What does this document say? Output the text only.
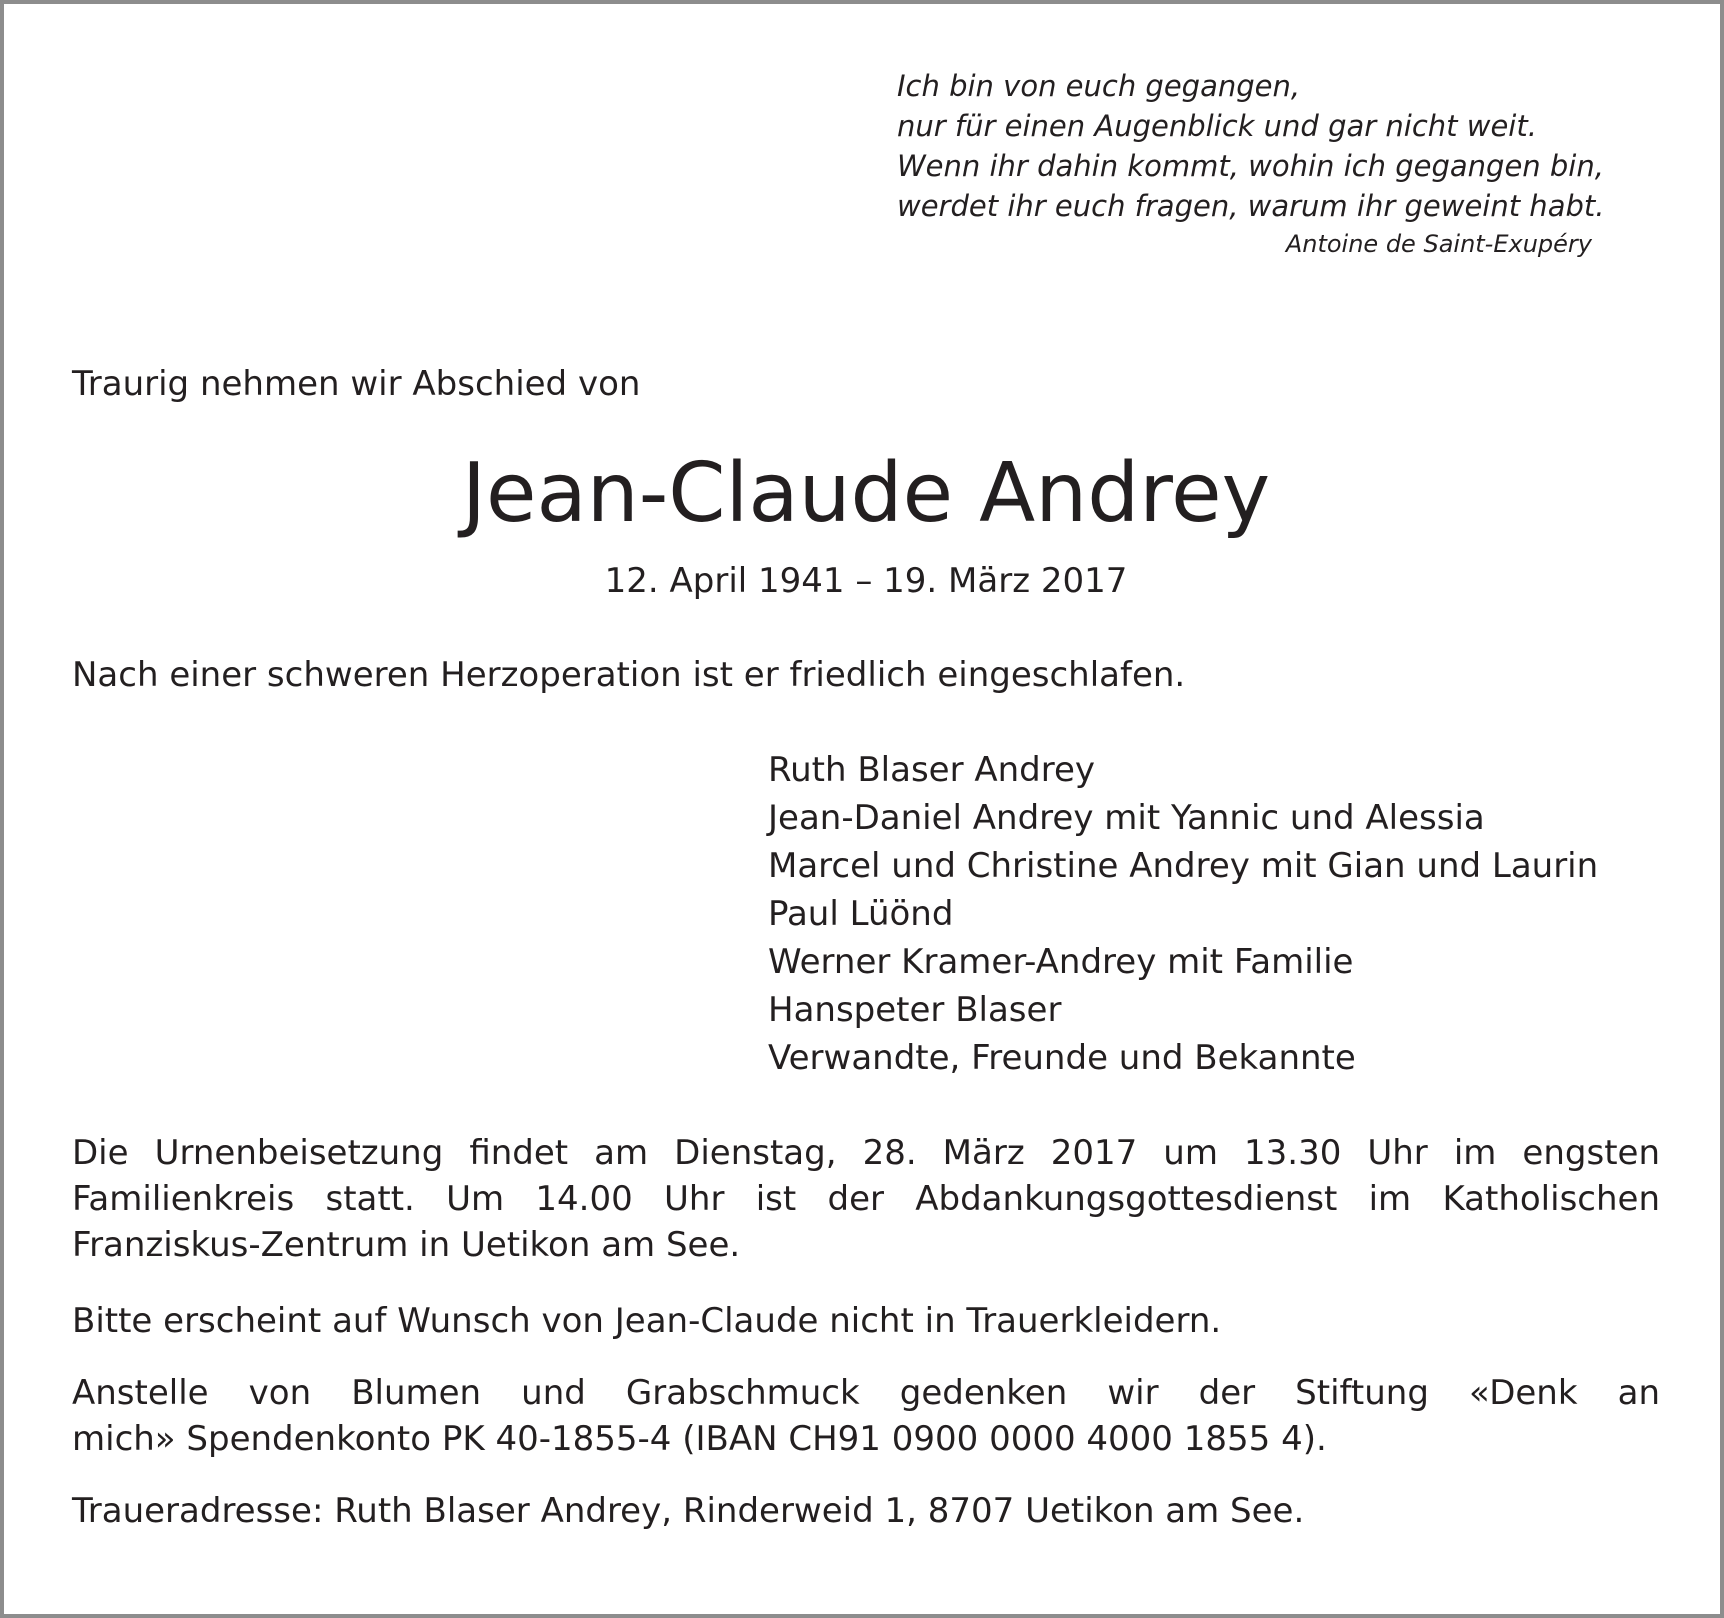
Ich bin von euch gegangen,
nur für einen Augenblick und gar nicht weit.
Wenn ihr dahin kommt, wohin ich gegangen bin,
werdet ihr euch fragen, warum ihr geweint habt.
Antoine de Saint-Exupéry
Traurig nehmen wir Abschied von
Jean-Claude Andrey
12. April 1941 – 19. März 2017
Nach einer schweren Herzoperation ist er friedlich eingeschlafen.
Ruth Blaser Andrey
Jean-Daniel Andrey mit Yannic und Alessia
Marcel und Christine Andrey mit Gian und Laurin
Paul Lüönd
Werner Kramer-Andrey mit Familie
Hanspeter Blaser
Verwandte, Freunde und Bekannte
Die Urnenbeisetzung findet am Dienstag, 28. März 2017 um 13.30 Uhr im engsten
Familienkreis statt. Um 14.00 Uhr ist der Abdankungsgottesdienst im Katholischen
Franziskus-Zentrum in Uetikon am See.
Bitte erscheint auf Wunsch von Jean-Claude nicht in Trauerkleidern.
Anstelle von Blumen und Grabschmuck gedenken wir der Stiftung «Denk an
mich» Spendenkonto PK 40-1855-4 (IBAN CH91 0900 0000 4000 1855 4).
Traueradresse: Ruth Blaser Andrey, Rinderweid 1, 8707 Uetikon am See.
